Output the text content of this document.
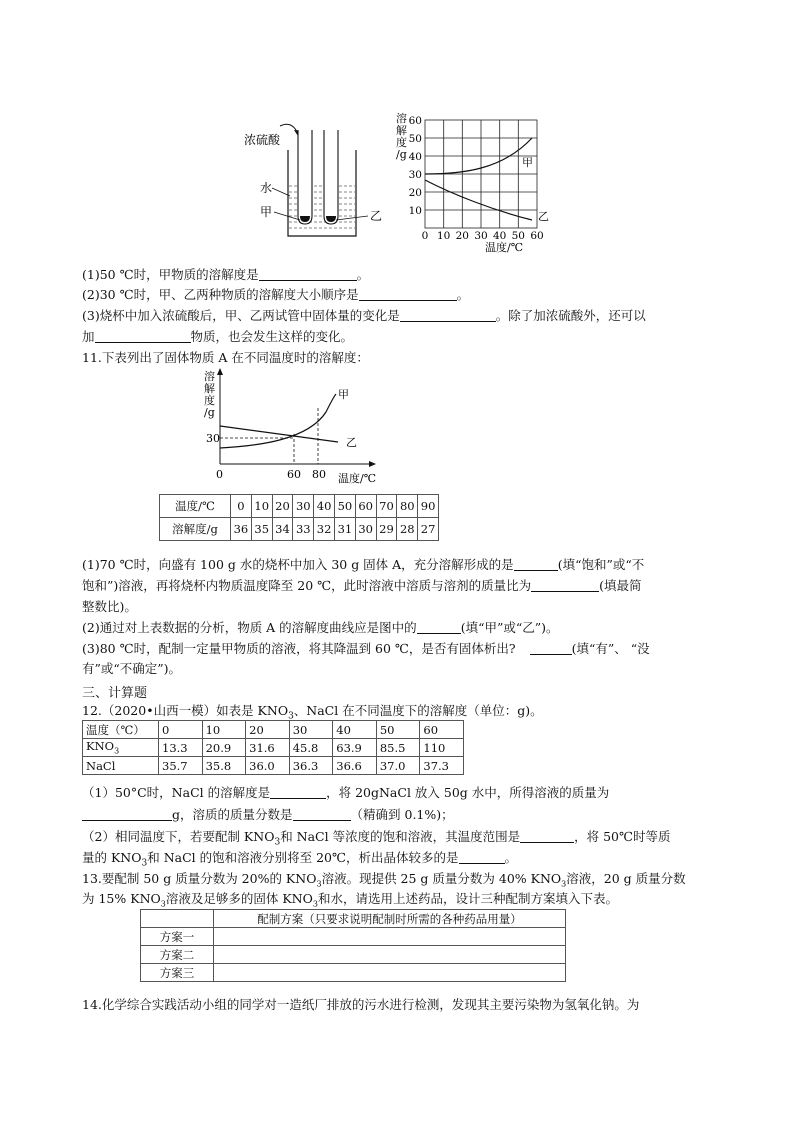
浓硫酸
水
甲	乙
溶
解
度
/g
60
50
40
30
20
10
0 10 20 30 40 50 60
温度/℃
甲
乙
(1)50 ℃时，甲物质的溶解度是	。
(2)30 ℃时，甲、乙两种物质的溶解度大小顺序是	。
(3)烧杯中加入浓硫酸后，甲、乙两试管中固体量的变化是	。除了加浓硫酸外，还可以
加	物质，也会发生这样的变化。
11.下表列出了固体物质 A 在不同温度时的溶解度：
溶
解
度
/g
30
0	60 80 温度/℃
甲
乙
温度/℃	0	10	20	30	40	50	60	70	80	90
溶解度/g	36	35	34	33	32	31	30	29	28	27
(1)70 ℃时，向盛有 100 g 水的烧杯中加入 30 g 固体 A，充分溶解形成的是	(填“饱和”或“不
饱和”)溶液，再将烧杯内物质温度降至 20 ℃，此时溶液中溶质与溶剂的质量比为	(填最简
整数比)。
(2)通过对上表数据的分析，物质 A 的溶解度曲线应是图中的	(填“甲”或“乙”)。
(3)80 ℃时，配制一定量甲物质的溶液，将其降温到 60 ℃，是否有固体析出?	(填“有”、 “没
有”或“不确定”)。
三、计算题
12.（2020•山西一模）如表是 $KNO_3$、NaCl 在不同温度下的溶解度（单位：g)。
温度（℃）	0	10	20	30	40	50	60
$KNO_3$	13.3	20.9	31.6	45.8	63.9	85.5	110
NaCl	35.7	35.8	36.0	36.3	36.6	37.0	37.3
（1）50°C时，NaCl 的溶解度是	，将 20gNaCl 放入 50g 水中，所得溶液的质量为
g，溶质的质量分数是	（精确到 0.1%)；
（2）相同温度下，若要配制 $KNO_3$和 NaCl 等浓度的饱和溶液，其温度范围是	，将 50℃时等质
量的 $KNO_3$和 NaCl 的饱和溶液分别将至 20℃，析出晶体较多的是	。
13.要配制 50 g 质量分数为 20%的 $KNO_3$溶液。现提供 25 g 质量分数为 40% $KNO_3$溶液，20 g 质量分数
为 15% $KNO_3$溶液及足够多的固体 $KNO_3$和水，请选用上述药品，设计三种配制方案填入下表。
	配制方案（只要求说明配制时所需的各种药品用量）
方案一	
方案二	
方案三	
14.化学综合实践活动小组的同学对一造纸厂排放的污水进行检测，发现其主要污染物为氢氧化钠。为
